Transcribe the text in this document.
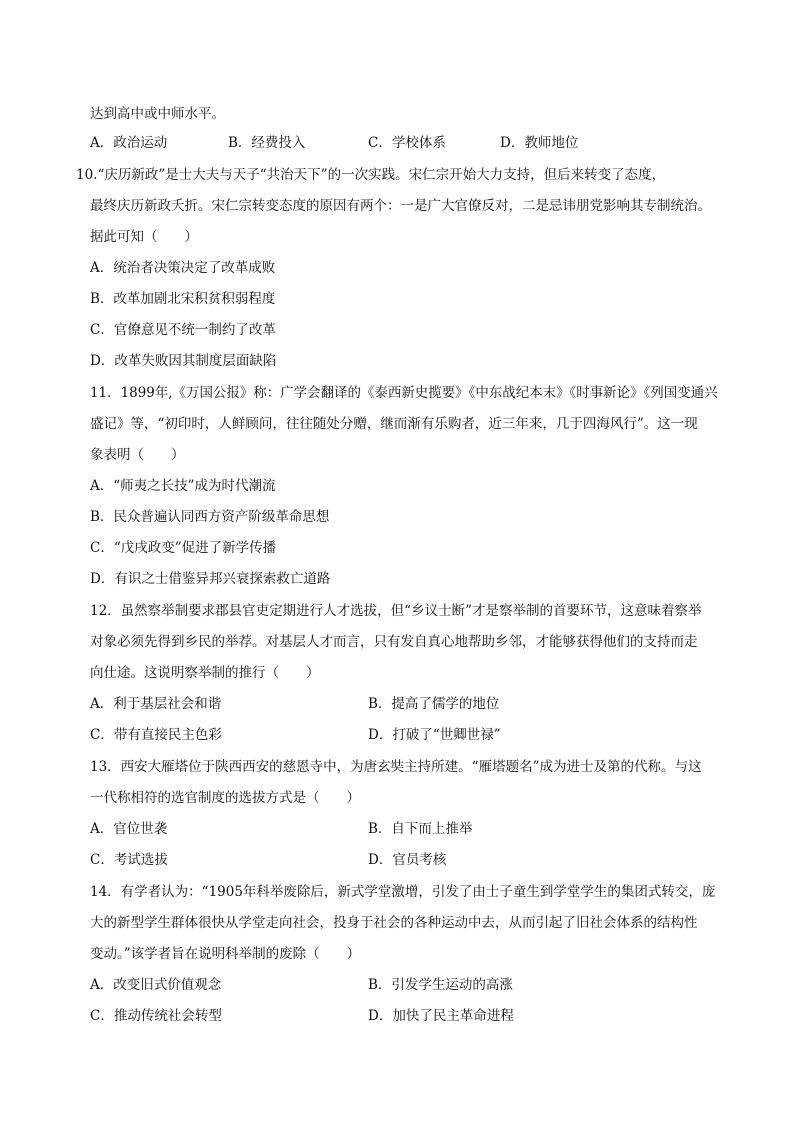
达到高中或中师水平。
A．政治运动	B．经费投入	C．学校体系	D．教师地位
10.“庆历新政”是士大夫与天子“共治天下”的一次实践。宋仁宗开始大力支持，但后来转变了态度，
最终庆历新政夭折。宋仁宗转变态度的原因有两个：一是广大官僚反对，二是忌讳朋党影响其专制统治。
据此可知（　　）
A．统治者决策决定了改革成败
B．改革加剧北宋积贫积弱程度
C．官僚意见不统一制约了改革
D．改革失败因其制度层面缺陷
11．1899年,《万国公报》称：广学会翻译的《泰西新史揽要》《中东战纪本末》《时事新论》《列国变通兴
盛记》等，“初印时，人鲜顾问，往往随处分赠，继而渐有乐购者，近三年来，几于四海风行”。这一现
象表明（　　）
A．“师夷之长技”成为时代潮流
B．民众普遍认同西方资产阶级革命思想
C．“戊戌政变”促进了新学传播
D．有识之士借鉴异邦兴衰探索救亡道路
12．虽然察举制要求郡县官吏定期进行人才选拔，但“乡议士断”才是察举制的首要环节，这意味着察举
对象必须先得到乡民的举荐。对基层人才而言，只有发自真心地帮助乡邻，才能够获得他们的支持而走
向仕途。这说明察举制的推行（　　）
A．利于基层社会和谐	B．提高了儒学的地位
C．带有直接民主色彩	D．打破了“世卿世禄”
13．西安大雁塔位于陕西西安的慈恩寺中，为唐玄奘主持所建。“雁塔题名”成为进士及第的代称。与这
一代称相符的选官制度的选拔方式是（　　）
A．官位世袭	B．自下而上推举
C．考试选拔	D．官员考核
14．有学者认为：“1905年科举废除后，新式学堂激增，引发了由士子童生到学堂学生的集团式转交，庞
大的新型学生群体很快从学堂走向社会，投身于社会的各种运动中去，从而引起了旧社会体系的结构性
变动。”该学者旨在说明科举制的废除（　　）
A．改变旧式价值观念	B．引发学生运动的高涨
C．推动传统社会转型	D．加快了民主革命进程
